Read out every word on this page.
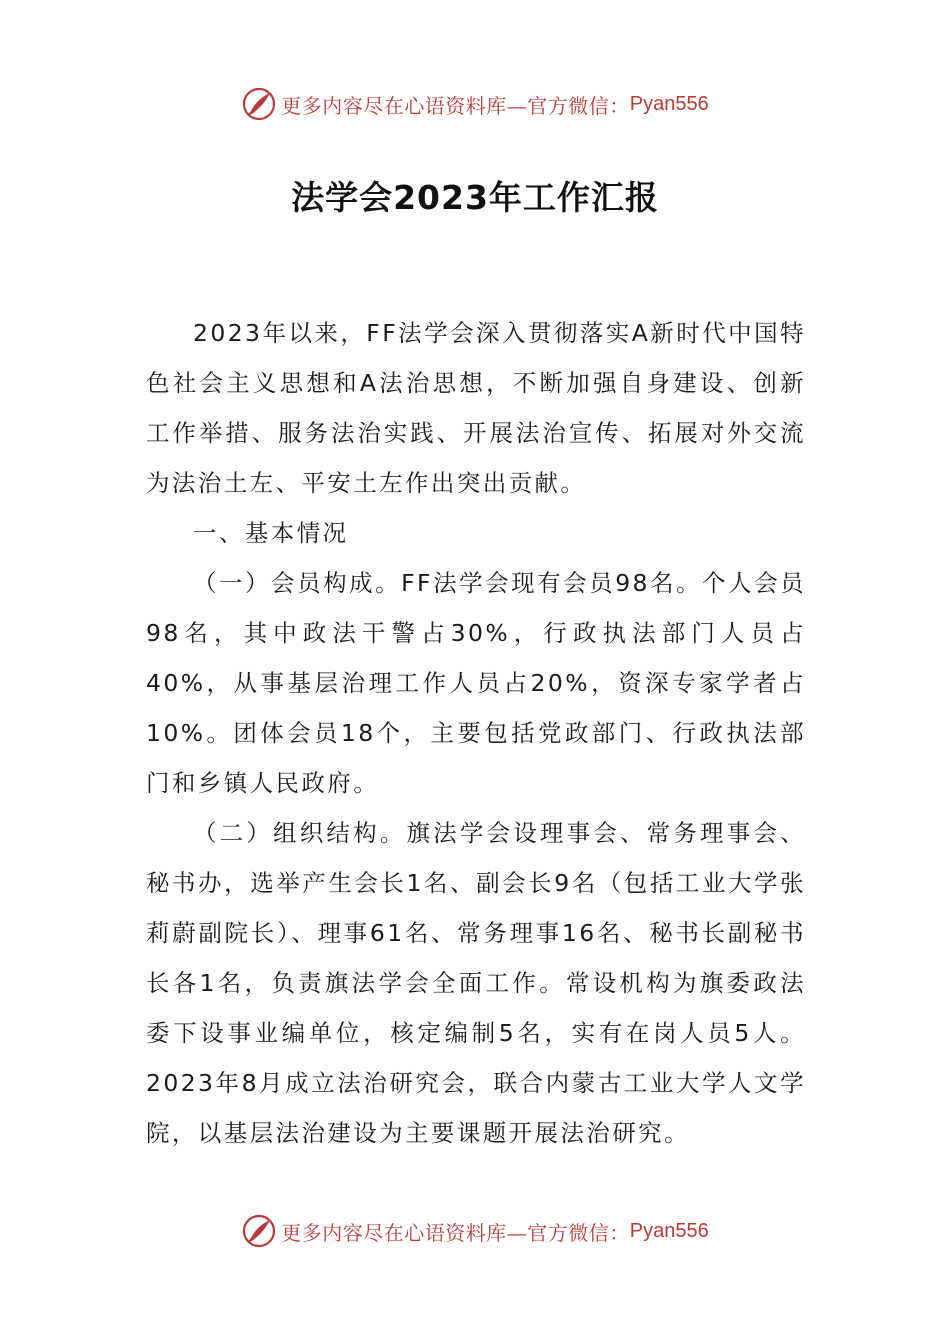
更多内容尽在心语资料库—官方微信： Pyan556
法学会2023年工作汇报

2023年以来，FF法学会深入贯彻落实A新时代中国特色社会主义思想和A法治思想，不断加强自身建设、创新工作举措、服务法治实践、开展法治宣传、拓展对外交流为法治土左、平安土左作出突出贡献。

一、基本情况

（一）会员构成。FF法学会现有会员98名。个人会员98名，其中政法干警占30%，行政执法部门人员占40%，从事基层治理工作人员占20%，资深专家学者占10%。团体会员18个，主要包括党政部门、行政执法部门和乡镇人民政府。

（二）组织结构。旗法学会设理事会、常务理事会、秘书办，选举产生会长1名、副会长9名（包括工业大学张莉蔚副院长）、理事61名、常务理事16名、秘书长副秘书长各1名，负责旗法学会全面工作。常设机构为旗委政法委下设事业编单位，核定编制5名，实有在岗人员5人。2023年8月成立法治研究会，联合内蒙古工业大学人文学院，以基层法治建设为主要课题开展法治研究。

更多内容尽在心语资料库—官方微信： Pyan556
